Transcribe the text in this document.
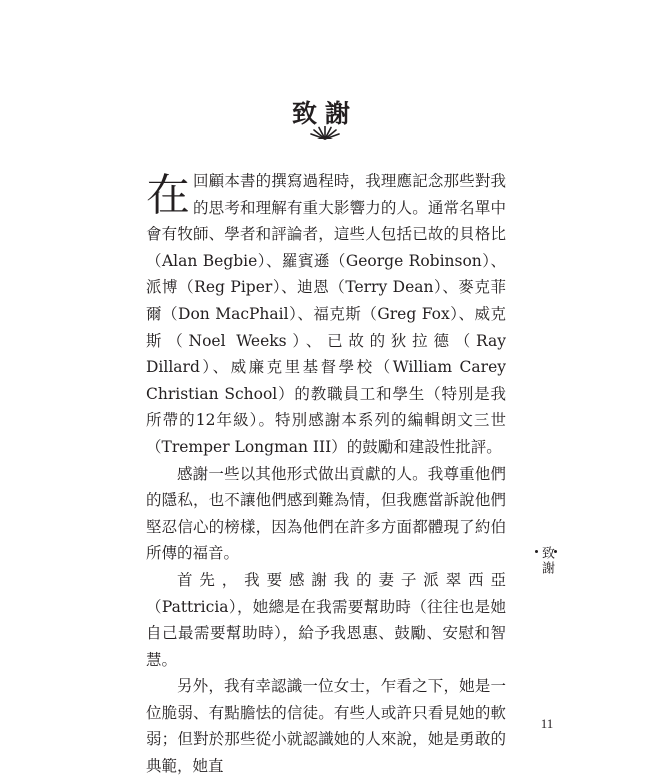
致謝

在回顧本書的撰寫過程時，我理應記念那些對我的思考和理解有重大影響力的人。通常名單中會有牧師、學者和評論者，這些人包括已故的貝格比（Alan Begbie）、羅賓遜（George Robinson）、派博（Reg Piper）、迪恩（Terry Dean）、麥克菲爾（Don MacPhail）、福克斯（Greg Fox）、威克斯（Noel Weeks）、已故的狄拉德（Ray Dillard）、威廉克里基督學校（William Carey Christian School）的教職員工和學生（特別是我所帶的12年級）。特別感謝本系列的編輯朗文三世（Tremper Longman III）的鼓勵和建設性批評。

感謝一些以其他形式做出貢獻的人。我尊重他們的隱私，也不讓他們感到難為情，但我應當訴說他們堅忍信心的榜樣，因為他們在許多方面都體現了約伯所傳的福音。

首先，我要感謝我的妻子派翠西亞（Pattricia），她總是在我需要幫助時（往往也是她自己最需要幫助時），給予我恩惠、鼓勵、安慰和智慧。

另外，我有幸認識一位女士，乍看之下，她是一位脆弱、有點膽怯的信徒。有些人或許只看見她的軟弱；但對於那些從小就認識她的人來說，她是勇敢的典範，她直

致謝
11
